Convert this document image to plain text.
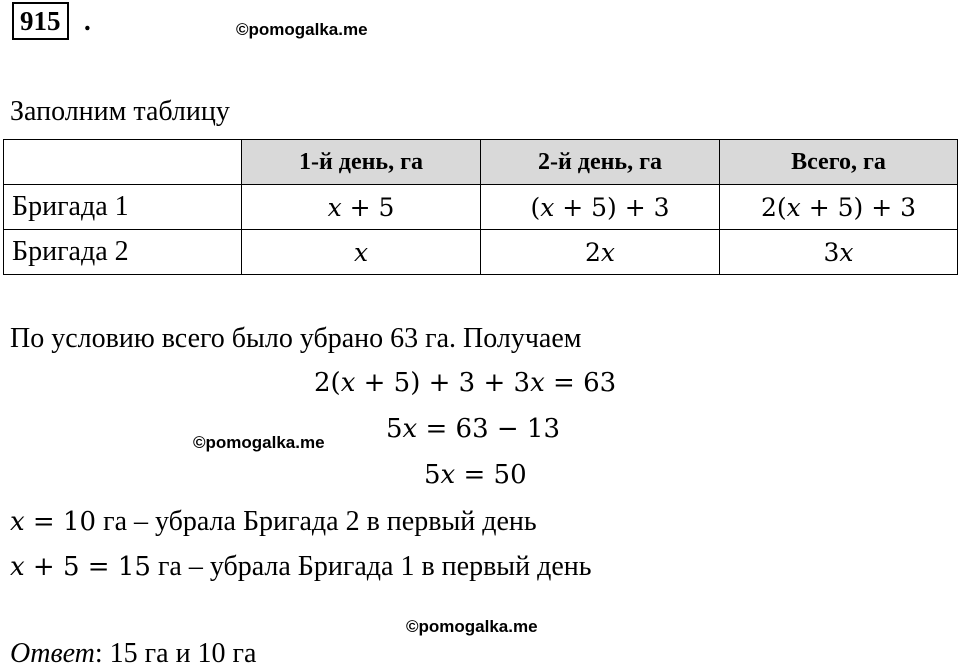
915 .	©pomogalka.me
Заполним таблицу
	1-й день, га	2-й день, га	Всего, га
Бригада 1	x + 5	(x + 5) + 3	2(x + 5) + 3
Бригада 2	x	2x	3x
По условию всего было убрано 63 га. Получаем
2(x + 5) + 3 + 3x = 63
5x = 63 − 13
5x = 50
©pomogalka.me
x = 10 га – убрала Бригада 2 в первый день
x + 5 = 15 га – убрала Бригада 1 в первый день
©pomogalka.me
Ответ: 15 га и 10 га
